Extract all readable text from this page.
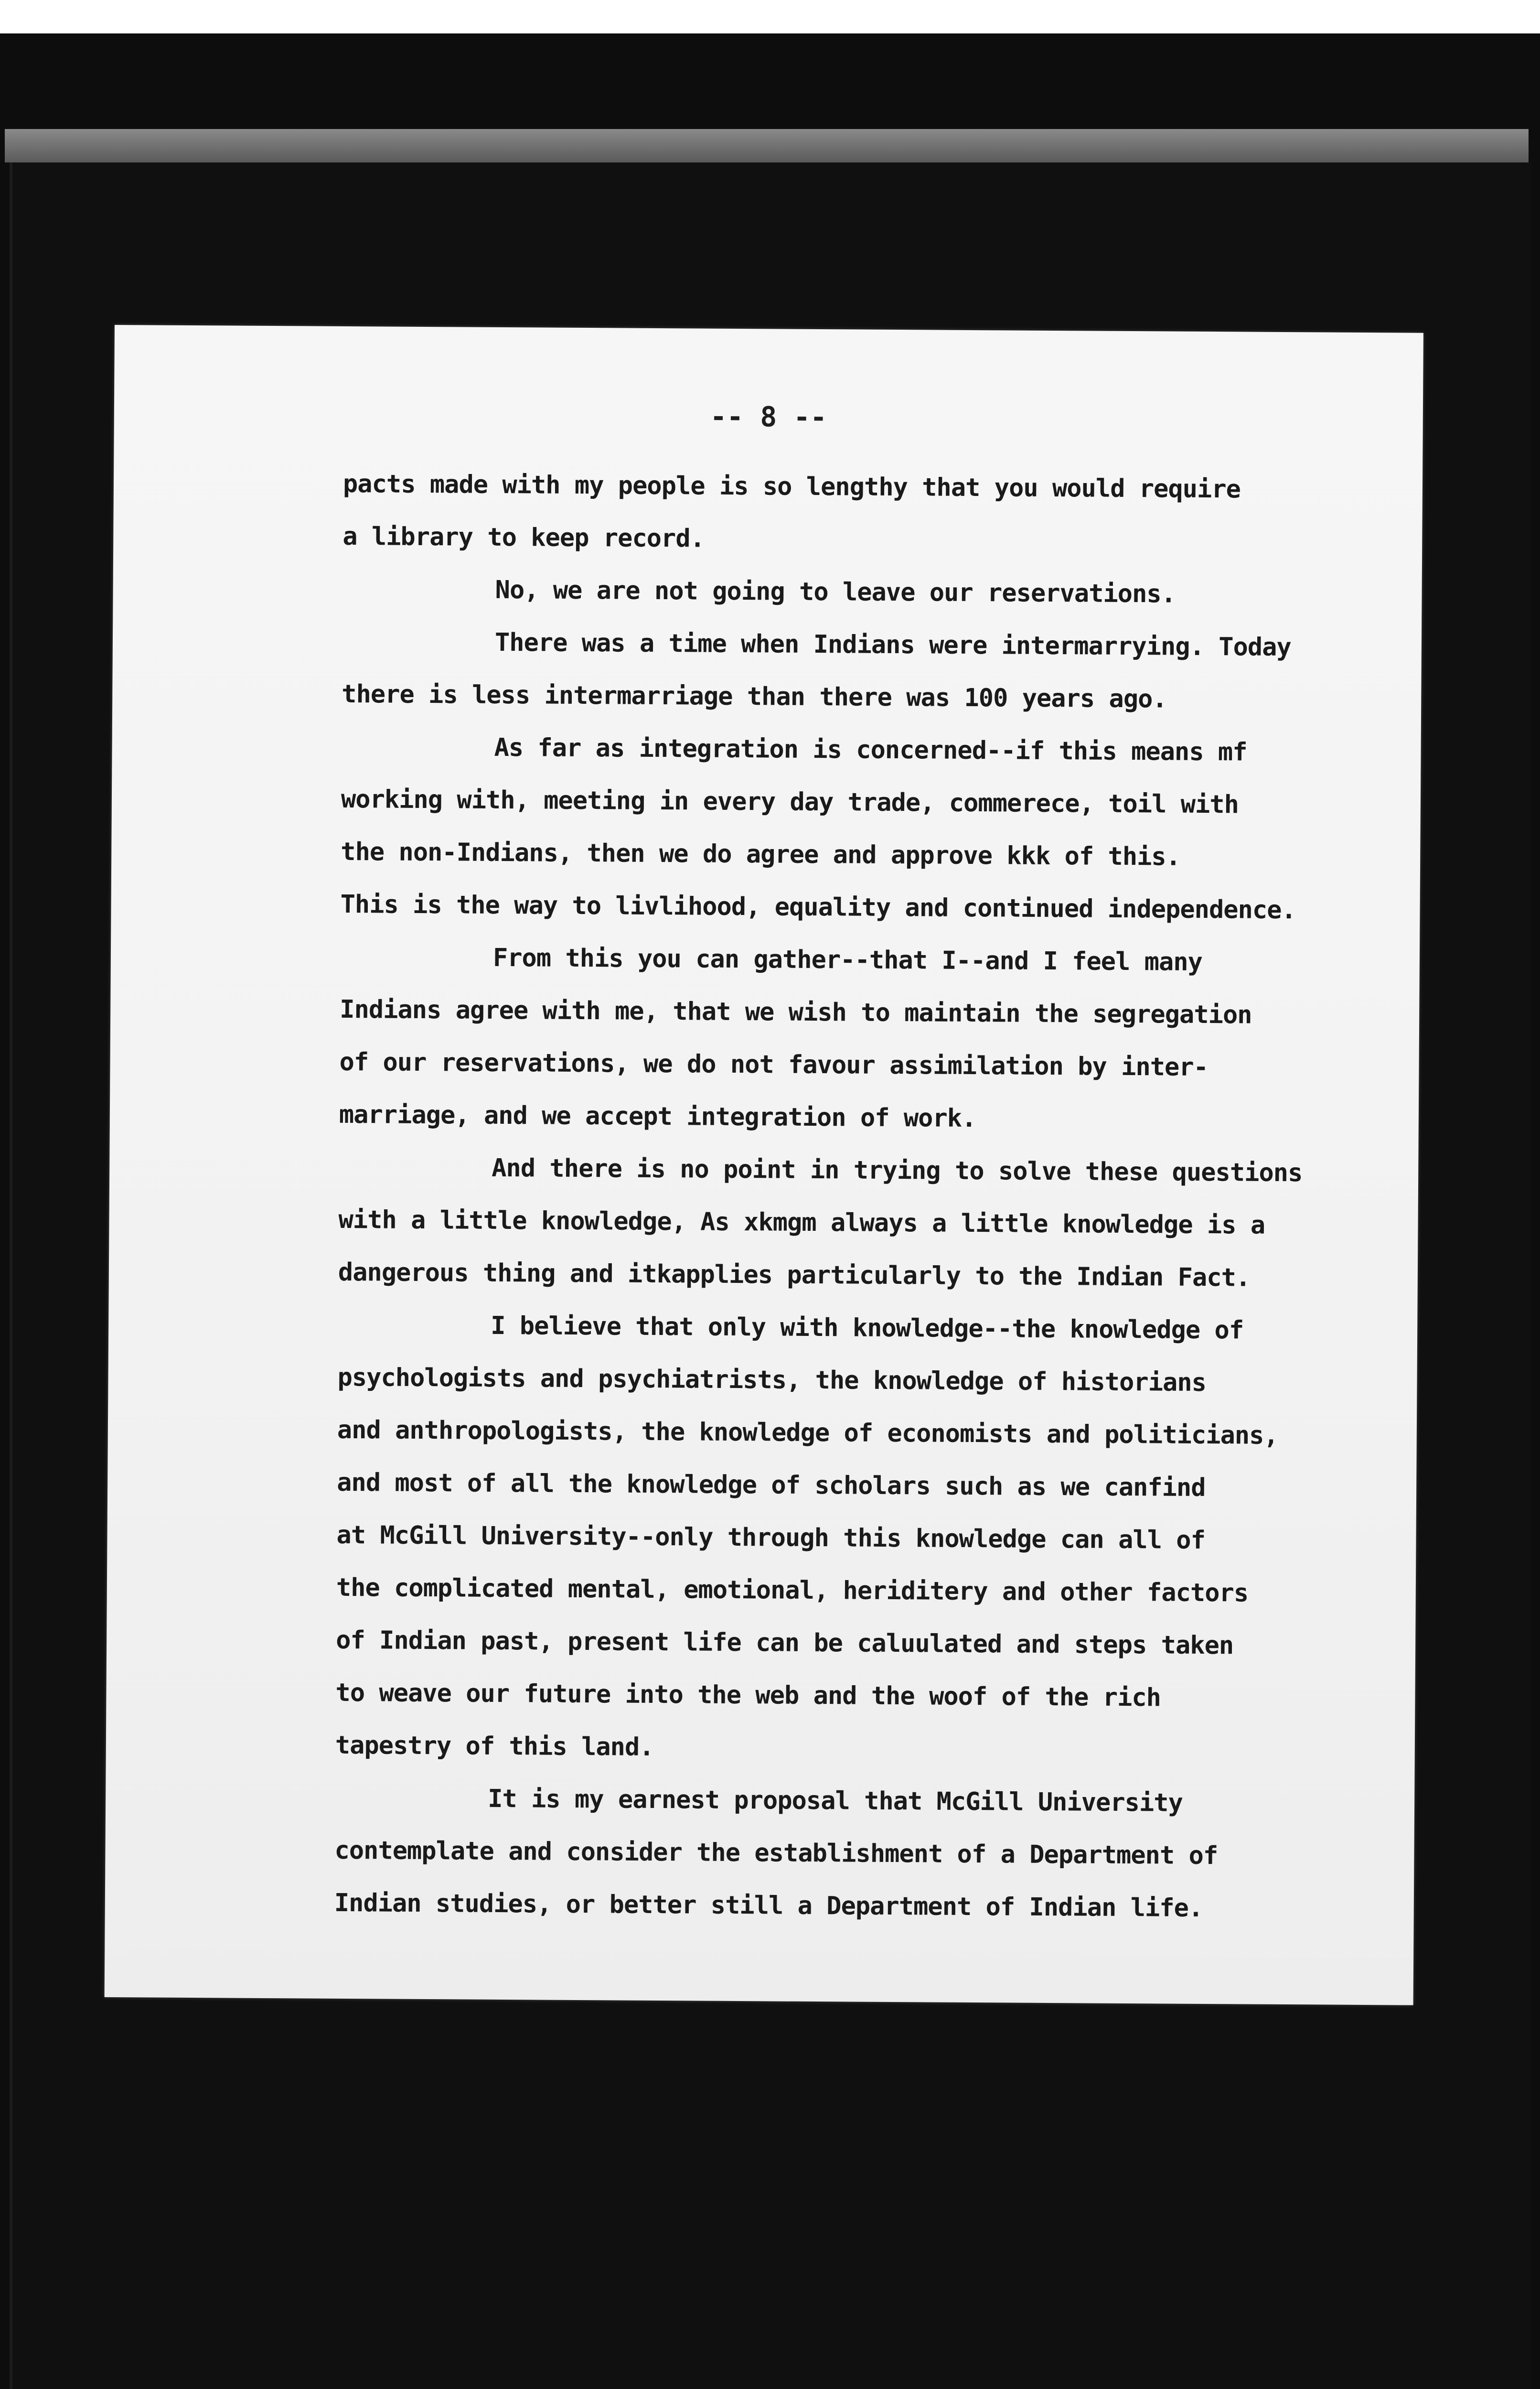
-- 8 --
pacts made with my people is so lengthy that you would require
a library to keep record.
No, we are not going to leave our reservations.
There was a time when Indians were intermarrying. Today
there is less intermarriage than there was 100 years ago.
As far as integration is concerned--if this means mf
working with, meeting in every day trade, commerece, toil with
the non-Indians, then we do agree and approve kkk of this.
This is the way to livlihood, equality and continued independence.
From this you can gather--that I--and I feel many
Indians agree with me, that we wish to maintain the segregation
of our reservations, we do not favour assimilation by inter-
marriage, and we accept integration of work.
And there is no point in trying to solve these questions
with a little knowledge, As xkmgm always a little knowledge is a
dangerous thing and itkapplies particularly to the Indian Fact.
I believe that only with knowledge--the knowledge of
psychologists and psychiatrists, the knowledge of historians
and anthropologists, the knowledge of economists and politicians,
and most of all the knowledge of scholars such as we canfind
at McGill University--only through this knowledge can all of
the complicated mental, emotional, heriditery and other factors
of Indian past, present life can be caluulated and steps taken
to weave our future into the web and the woof of the rich
tapestry of this land.
It is my earnest proposal that McGill University
contemplate and consider the establishment of a Department of
Indian studies, or better still a Department of Indian life.
